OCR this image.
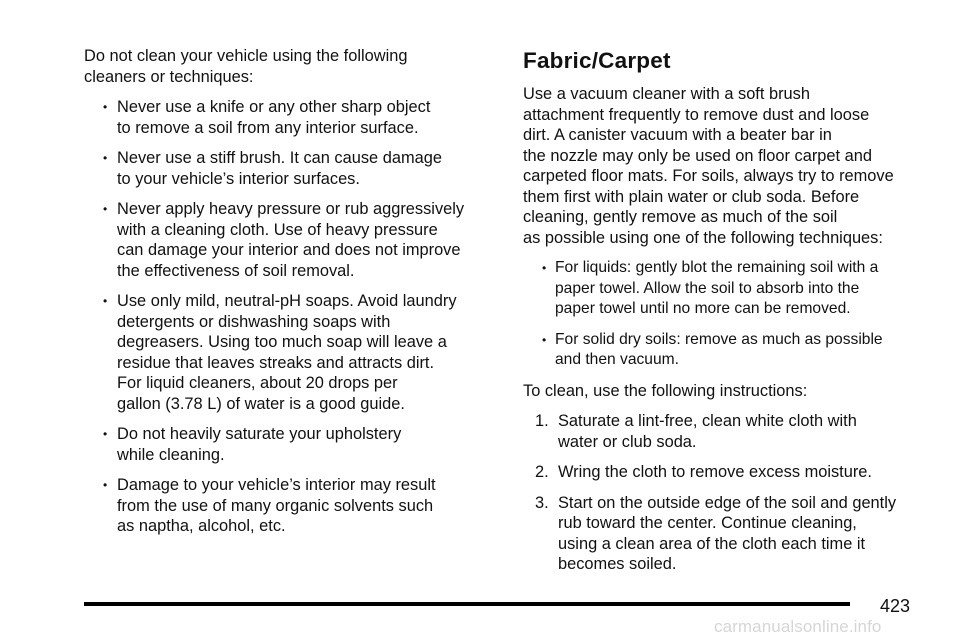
Do not clean your vehicle using the following
cleaners or techniques:

• Never use a knife or any other sharp object
to remove a soil from any interior surface.
• Never use a stiff brush. It can cause damage
to your vehicle’s interior surfaces.
• Never apply heavy pressure or rub aggressively
with a cleaning cloth. Use of heavy pressure
can damage your interior and does not improve
the effectiveness of soil removal.
• Use only mild, neutral-pH soaps. Avoid laundry
detergents or dishwashing soaps with
degreasers. Using too much soap will leave a
residue that leaves streaks and attracts dirt.
For liquid cleaners, about 20 drops per
gallon (3.78 L) of water is a good guide.
• Do not heavily saturate your upholstery
while cleaning.
• Damage to your vehicle’s interior may result
from the use of many organic solvents such
as naptha, alcohol, etc.
Fabric/Carpet

Use a vacuum cleaner with a soft brush
attachment frequently to remove dust and loose
dirt. A canister vacuum with a beater bar in
the nozzle may only be used on floor carpet and
carpeted floor mats. For soils, always try to remove
them first with plain water or club soda. Before
cleaning, gently remove as much of the soil
as possible using one of the following techniques:

• For liquids: gently blot the remaining soil with a
paper towel. Allow the soil to absorb into the
paper towel until no more can be removed.
• For solid dry soils: remove as much as possible
and then vacuum.

To clean, use the following instructions:

1. Saturate a lint-free, clean white cloth with
water or club soda.
2. Wring the cloth to remove excess moisture.
3. Start on the outside edge of the soil and gently
rub toward the center. Continue cleaning,
using a clean area of the cloth each time it
becomes soiled.
423
carmanualsonline.info
